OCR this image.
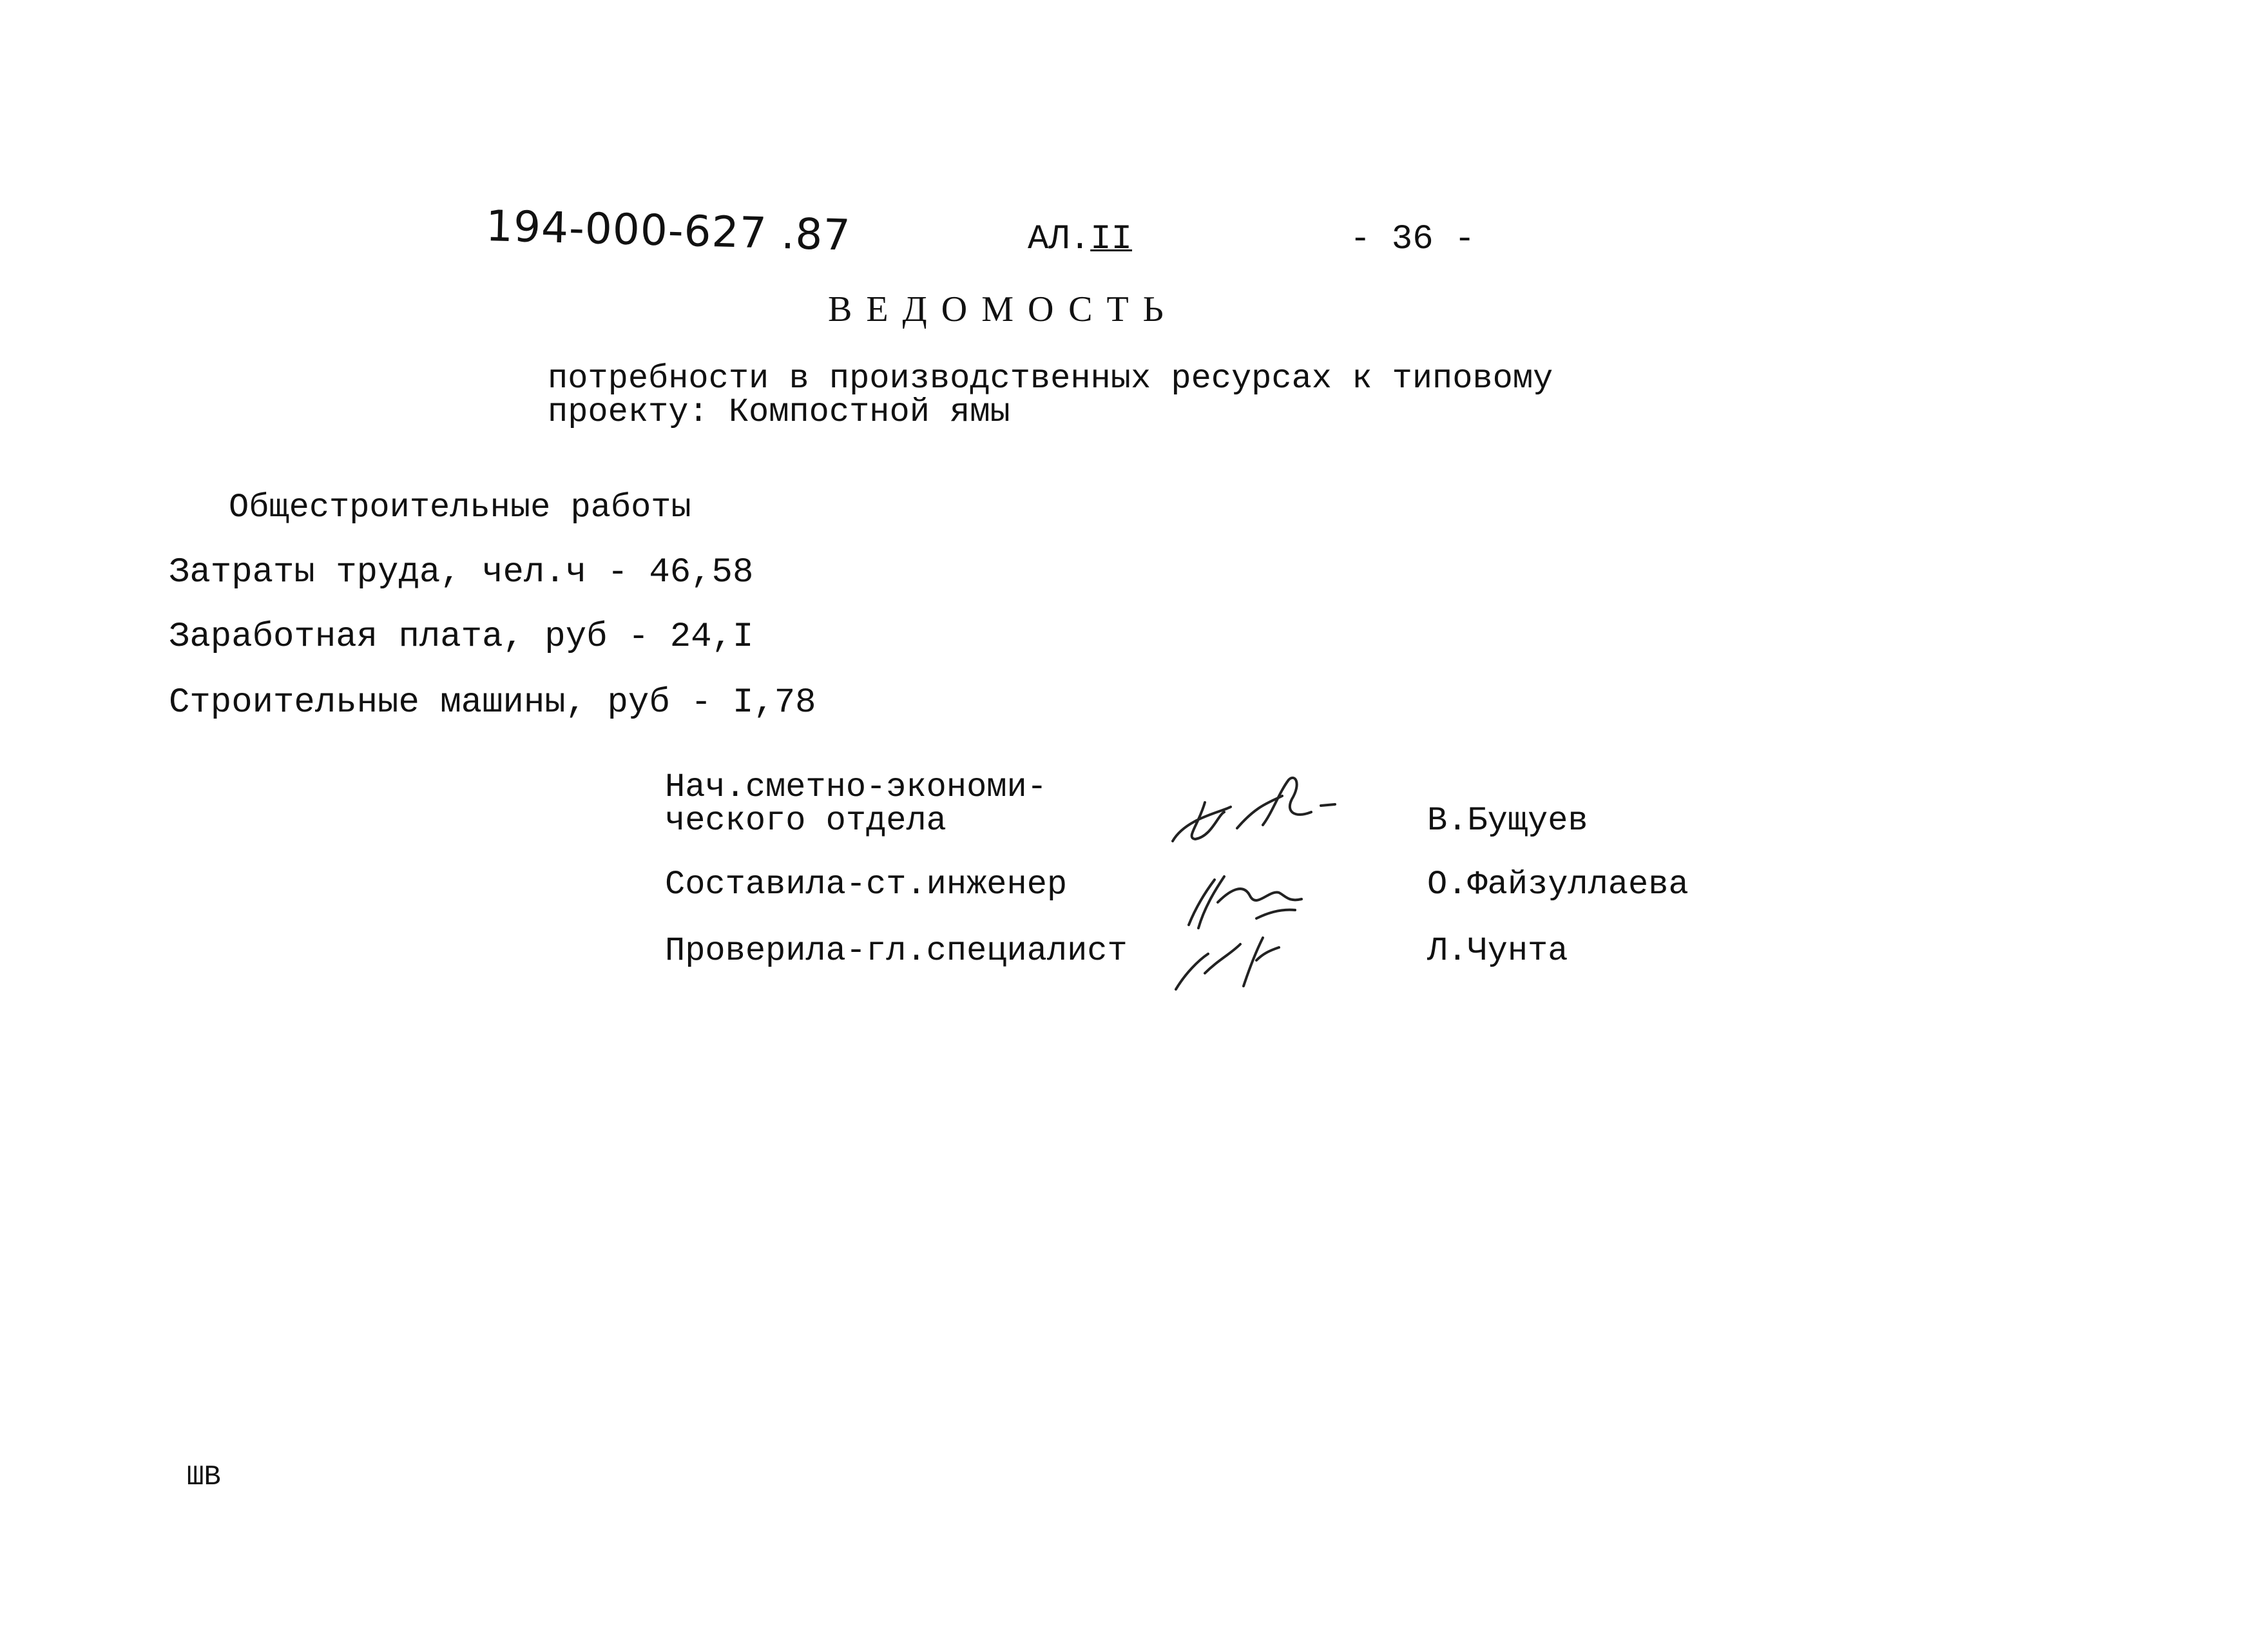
194-000-627 .87	АЛ.II	- 36 -
ВЕДОМОСТЬ
потребности в производственных ресурсах к типовому
проекту: Компостной ямы
Общестроительные работы
Затраты труда, чел.ч - 46,58
Заработная плата, руб - 24,I
Строительные машины, руб - I,78
Нач.сметно-экономи-
ческого отдела
Составила-ст.инженер
Проверила-гл.специалист
В.Бущуев
О.Файзуллаева
Л.Чунта
ШВ
